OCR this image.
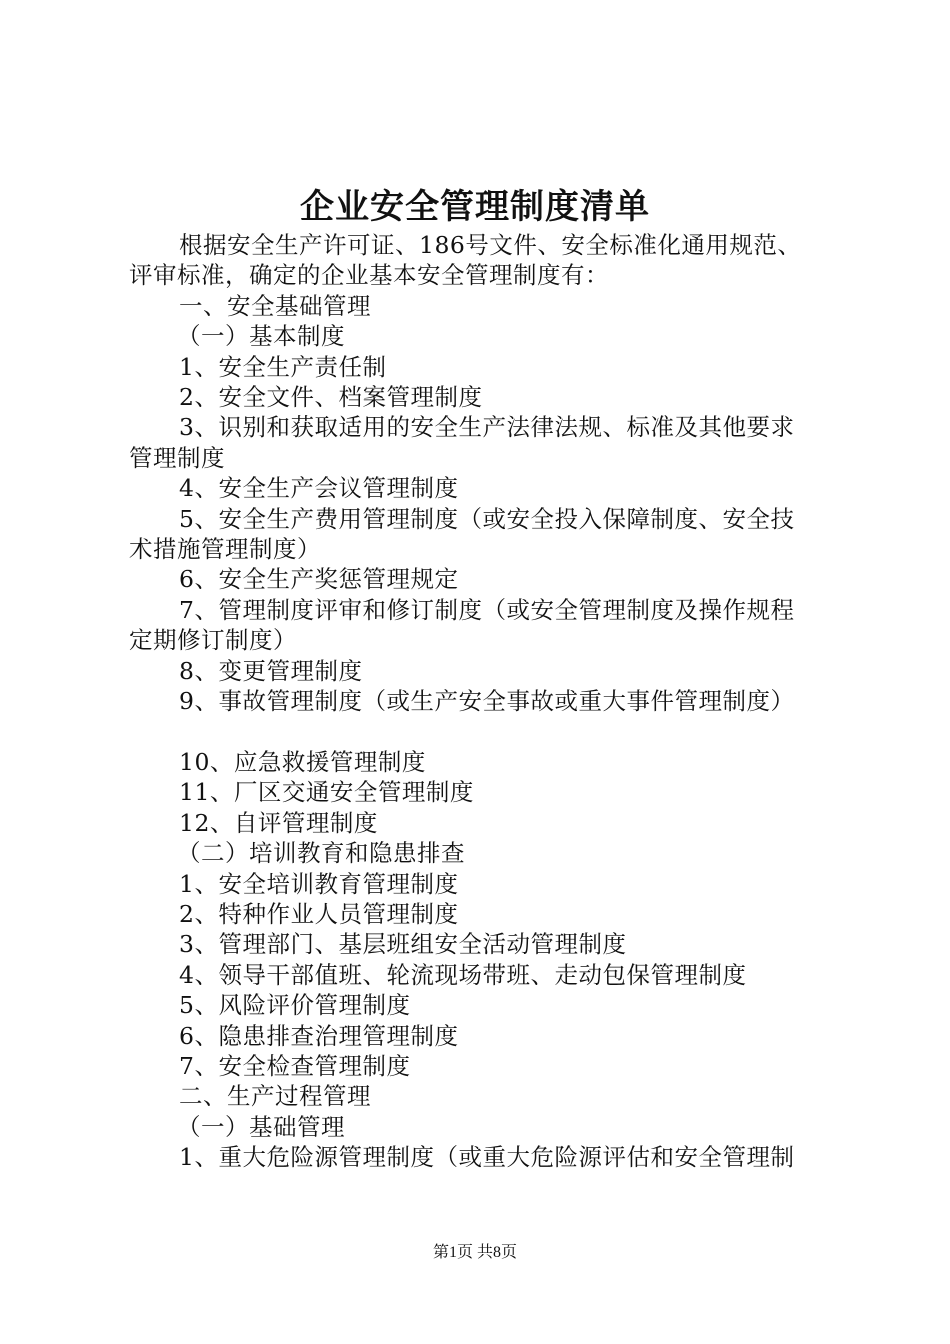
企业安全管理制度清单
根据安全生产许可证、186号文件、安全标准化通用规范、
评审标准，确定的企业基本安全管理制度有：
一、安全基础管理
（一）基本制度
1、安全生产责任制
2、安全文件、档案管理制度
3、识别和获取适用的安全生产法律法规、标准及其他要求
管理制度
4、安全生产会议管理制度
5、安全生产费用管理制度（或安全投入保障制度、安全技
术措施管理制度）
6、安全生产奖惩管理规定
7、管理制度评审和修订制度（或安全管理制度及操作规程
定期修订制度）
8、变更管理制度
9、事故管理制度（或生产安全事故或重大事件管理制度）
10、应急救援管理制度
11、厂区交通安全管理制度
12、自评管理制度
（二）培训教育和隐患排查
1、安全培训教育管理制度
2、特种作业人员管理制度
3、管理部门、基层班组安全活动管理制度
4、领导干部值班、轮流现场带班、走动包保管理制度
5、风险评价管理制度
6、隐患排查治理管理制度
7、安全检查管理制度
二、生产过程管理
（一）基础管理
1、重大危险源管理制度（或重大危险源评估和安全管理制
第1页 共8页
